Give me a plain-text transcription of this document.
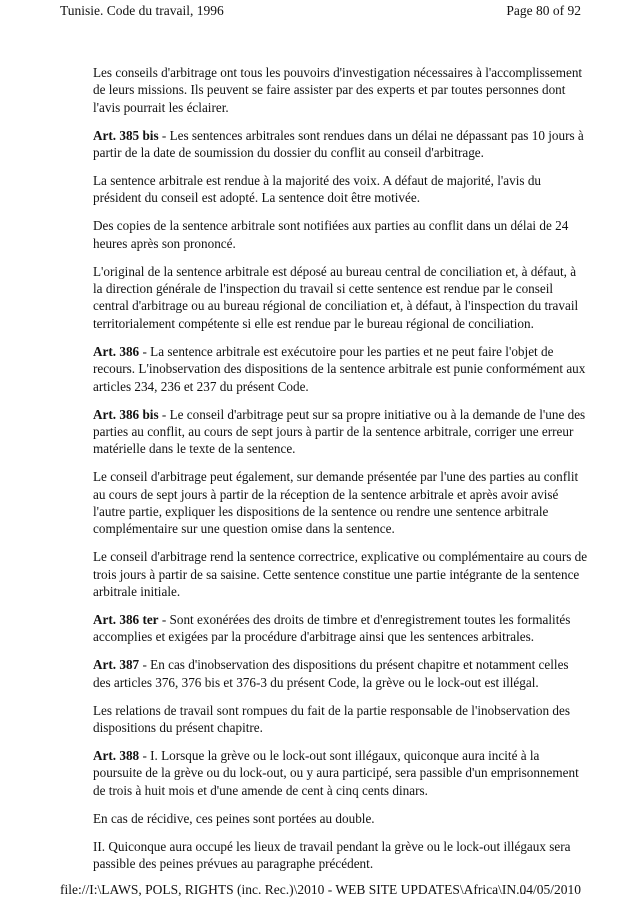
Tunisie. Code du travail, 1996	Page 80 of 92

Les conseils d'arbitrage ont tous les pouvoirs d'investigation nécessaires à l'accomplissement de leurs missions. Ils peuvent se faire assister par des experts et par toutes personnes dont l'avis pourrait les éclairer.

Art. 385 bis - Les sentences arbitrales sont rendues dans un délai ne dépassant pas 10 jours à partir de la date de soumission du dossier du conflit au conseil d'arbitrage.

La sentence arbitrale est rendue à la majorité des voix. A défaut de majorité, l'avis du président du conseil est adopté. La sentence doit être motivée.

Des copies de la sentence arbitrale sont notifiées aux parties au conflit dans un délai de 24 heures après son prononcé.

L'original de la sentence arbitrale est déposé au bureau central de conciliation et, à défaut, à la direction générale de l'inspection du travail si cette sentence est rendue par le conseil central d'arbitrage ou au bureau régional de conciliation et, à défaut, à l'inspection du travail territorialement compétente si elle est rendue par le bureau régional de conciliation.

Art. 386 - La sentence arbitrale est exécutoire pour les parties et ne peut faire l'objet de recours. L'inobservation des dispositions de la sentence arbitrale est punie conformément aux articles 234, 236 et 237 du présent Code.

Art. 386 bis - Le conseil d'arbitrage peut sur sa propre initiative ou à la demande de l'une des parties au conflit, au cours de sept jours à partir de la sentence arbitrale, corriger une erreur matérielle dans le texte de la sentence.

Le conseil d'arbitrage peut également, sur demande présentée par l'une des parties au conflit au cours de sept jours à partir de la réception de la sentence arbitrale et après avoir avisé l'autre partie, expliquer les dispositions de la sentence ou rendre une sentence arbitrale complémentaire sur une question omise dans la sentence.

Le conseil d'arbitrage rend la sentence correctrice, explicative ou complémentaire au cours de trois jours à partir de sa saisine. Cette sentence constitue une partie intégrante de la sentence arbitrale initiale.

Art. 386 ter - Sont exonérées des droits de timbre et d'enregistrement toutes les formalités accomplies et exigées par la procédure d'arbitrage ainsi que les sentences arbitrales.

Art. 387 - En cas d'inobservation des dispositions du présent chapitre et notamment celles des articles 376, 376 bis et 376-3 du présent Code, la grève ou le lock-out est illégal.

Les relations de travail sont rompues du fait de la partie responsable de l'inobservation des dispositions du présent chapitre.

Art. 388 - I. Lorsque la grève ou le lock-out sont illégaux, quiconque aura incité à la poursuite de la grève ou du lock-out, ou y aura participé, sera passible d'un emprisonnement de trois à huit mois et d'une amende de cent à cinq cents dinars.

En cas de récidive, ces peines sont portées au double.

II. Quiconque aura occupé les lieux de travail pendant la grève ou le lock-out illégaux sera passible des peines prévues au paragraphe précédent.

file://I:\LAWS, POLS, RIGHTS (inc. Rec.)\2010 - WEB SITE UPDATES\Africa\IN...
04/05/2010
